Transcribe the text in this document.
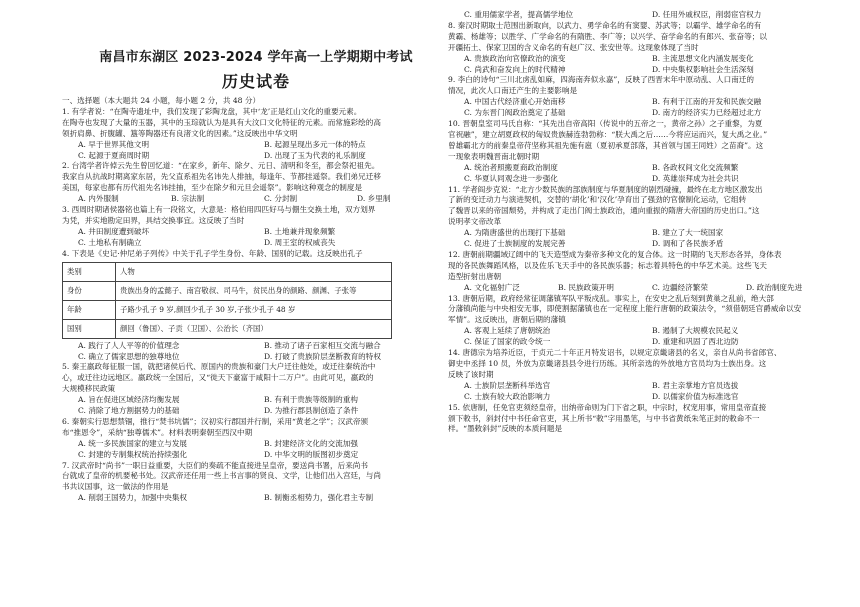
南昌市东湖区 2023-2024 学年高一上学期期中考试
历史试卷

一、选择题（本大题共 24 小题，每小题 2 分，共 48 分）

1. 有学者说：“在陶寺遗址中，我们发现了彩陶龙盘，其中‘龙’正是红山文化的重要元素。

在陶寺也发现了大量的玉器，其中的玉琮就认为是具有大汶口文化特征的元素。而常施彩绘的高

领折肩鼻、折腹罐、簋等陶器还有良渚文化的因素。”这反映出中华文明

A. 早于世界其他文明	B. 起源呈现出多元一体的特点
C. 起源于夏商周时期	D. 出现了玉为代表的礼乐制度

2. 台湾学者许倬云先生曾回忆道：“在家乡，新年、除夕、元日、清明和冬至，都会祭祀祖先。

我家自从抗战时期离家东居，先父直系祖先名讳先人排抽，每逢年、节都挂遥祭。我们弟兄迁移

美国，每家也都有历代祖先名讳挂抽，至少在除夕和元旦会遥祭”。影响这种观念的制度是

A. 内外服制	B. 宗法制	C. 分封制	D. 乡里制

3. 西周时期诸侯器铭也篇上有一段铭文，大意是：格伯用四匹好马与倗生交换土地，双方划界

为凭，并实地勘定田界，具结交换事宜。这反映了当时

A. 井田制度遭到破坏	B. 土地兼并现象频繁
C. 土地私有制确立	D. 周王室的权威丧失

4. 下表是《史记·仲尼弟子列传》中关于孔子学生身份、年龄、国别的记载。这反映出孔子

类别	人物
身份	贵族出身的孟懿子、南宫敬叔、司马牛，贫民出身的颜路、颜渊、子张等
年龄	子路少孔子 9 岁,颜回少孔子 30 岁,子张少孔子 48 岁
国别	颜回（鲁国）、子贡（卫国）、公治长（齐国）
A. 践行了人人平等的价值理念	B. 推动了诸子百家相互交流与融合
C. 确立了儒家思想的独尊地位	D. 打破了贵族阶层垄断教育的特权

5. 秦王嬴政每征服一国，就把诸侯后代、原国内的贵族和豪门大户迁往他处，或迁往秦统治中

心，或迁往边远地区。嬴政统一全国后，又“徙天下豪富于咸阳十二万户”。由此可见，嬴政的

大规模移民政策

A. 旨在促进区域经济均衡发展	B. 有利于贵族等级制的重构
C. 消除了地方割据势力的基础	D. 为推行郡县制创造了条件

6. 秦朝实行思想禁锢，推行“焚书坑儒”；汉初实行郡国并行制，采用“黄老之学”；汉武帝颁

布“推恩令”，采纳“独尊儒术”。材料表明秦朝至西汉中期

A. 统一多民族国家的建立与发展	B. 封建经济文化的交流加强
C. 封建的专制集权统治持续强化	D. 中华文明的版图初步奠定

7. 汉武帝时“尚书”一职日益重要，大臣们的奏疏不能直接进呈皇帝，要送尚书署，后来尚书

台就成了皇帝的机要秘书处。汉武帝还任用一些上书言事的贤良、文学，让他们出入宫廷，与尚

书共议国事，这一做法的作用是

A. 削弱王国势力，加强中央集权	B. 制衡丞相势力，强化君主专制
C. 重用儒家学者，提高儒学地位	D. 任用外戚权臣，削弱宦官权力

8. 秦汉时期取士范围出新取向，以武力、勇学命名的有窦婴、苏武等；以霸学、雄学命名的有

黄霸、杨雄等；以胜学、广学命名的有隋胜、李广等；以兴学、奋学命名的有郎兴、张奋等；以

开疆拓土、保家卫国的含义命名的有赵广汉、张安世等。这现象体现了当时

A. 贵族政治向官僚政治的演变	B. 主流思想文化内涵发展变化
C. 尚武和奋发向上的时代精神	D. 中央集权影响社会生活深刻

9. 李白的诗句“三川北虏乱如麻，四海南奔似永嘉”，反映了西晋末年中原动乱、人口南迁的

情况，此次人口南迁产生的主要影响是

A. 中国古代经济重心开始南移	B. 有利于江南的开发和民族交融
C. 为东晋门阀政治奠定了基础	D. 南方的经济实力已经超过北方

10. 晋朝皇室司马氏自称：“其先出自帝高阳（传说中的五帝之一，黄帝之孙）之子重黎，为夏

官祝融”，建立胡夏政权的匈奴贵族赫连勃勃称：“朕大禹之后……今将应运而兴，复大禹之业。”

曾雄霸北方的前秦皇帝苻坚称其祖先施有扈（夏初承夏部落，其首领与国王同姓）之苗裔”。这

一现象表明魏晋南北朝时期

A. 统治者照搬夏商政治制度	B. 各政权间文化交流频繁
C. 华夏认同观念进一步强化	D. 英雄崇拜成为社会共识

11. 学者阎步克说：“北方少数民族的部族制度与华夏制度的剧烈碰撞，最终在北方地区激发出

了新的变迁动力与演进契机，交替的‘胡化’和‘汉化’孕育出了强劲的官僚制化运动，它组转

了魏晋以来的帝国颓势，并构成了走出门阀士族政治，通向重振的隋唐大帝国的历史出口。”这

说明孝文帝改革

A. 为隋唐盛世的出现打下基础	B. 建立了大一统国家
C. 促进了士族制度的发展完善	D. 调和了各民族矛盾

12. 唐朝前期疆域辽阔中的飞天造型成为秦帝多种文化的复合体。这一时期的飞天形态各异，身体表

现的各民族舞蹈风格，以及佐乐飞天手中的各民族乐器；标志着具特色的中华艺术美。这些飞天

造型折射出唐朝

A. 文化福射广泛	B. 民族政策开明	C. 边疆经济繁荣	D. 政治制度先进

13. 唐朝后期，政府经常征调藩镇军队平叛戍乱。事实上，在安史之乱后刻到黄巢之乱前，绝大部

分藩镇尚能与中央相安无事，即使割据藩镇也在一定程度上能行唐朝的政策法令，“须借朝廷官爵威命以安

军情”。这反映出，唐朝后期的藩镇

A. 客观上延续了唐朝统治	B. 遏制了大规模农民起义
C. 保证了国家的政令统一	D. 重建和巩固了西北边防

14. 唐德宗为培养近臣，于贞元二十年正月特发诏书，以规定京畿诸县的名义，亲自从尚书省郎官、

御史中丞择 10 员，外放为京畿诸县县令进行历练。其所亲选的外放地方官员均为士族出身。这

反映了该时期

A. 士族阶层垄断科举选官	B. 君主亲掌地方官员选拔
C. 士族有较大政治影响力	D. 以儒家价值为标准选官

15. 依唐制，任免官吏须经皇帝，出纳帝命则为门下省之职，中宗时，权宠用事，常用皇帝直接

颁下敕书，斜封付中书任命官吏，其上所书“敕”字用墨笔，与中书省黄纸朱笔正封的敕命不一

样。“墨敕斜封”反映的本质问题是
